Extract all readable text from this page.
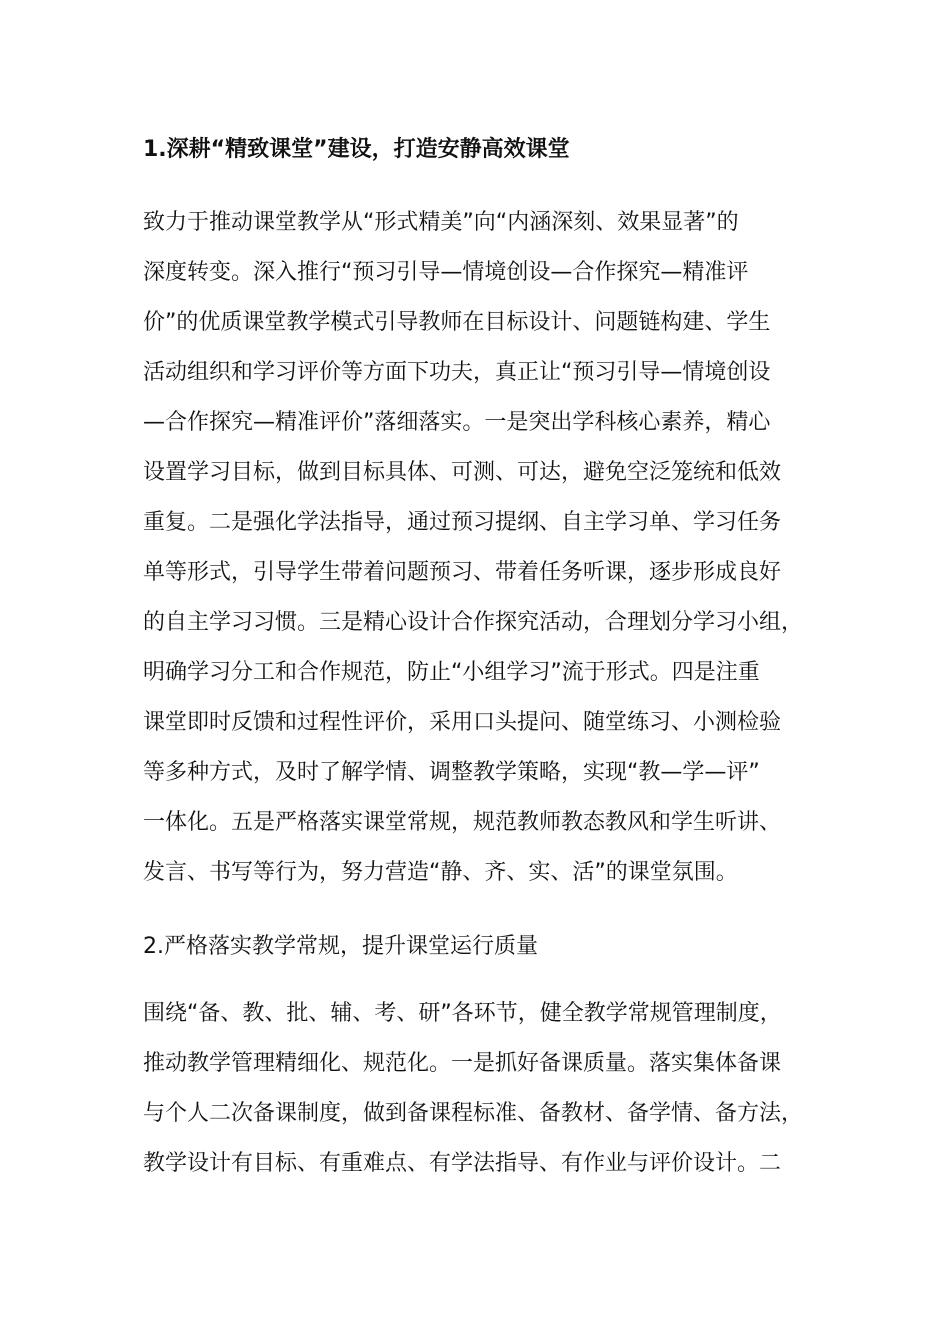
1.深耕“精致课堂”建设，打造安静高效课堂
致力于推动课堂教学从“形式精美”向“内涵深刻、效果显著”的
深度转变。深入推行“预习引导—情境创设—合作探究—精准评
价”的优质课堂教学模式引导教师在目标设计、问题链构建、学生
活动组织和学习评价等方面下功夫，真正让“预习引导—情境创设
—合作探究—精准评价”落细落实。一是突出学科核心素养，精心
设置学习目标，做到目标具体、可测、可达，避免空泛笼统和低效
重复。二是强化学法指导，通过预习提纲、自主学习单、学习任务
单等形式，引导学生带着问题预习、带着任务听课，逐步形成良好
的自主学习习惯。三是精心设计合作探究活动，合理划分学习小组，
明确学习分工和合作规范，防止“小组学习”流于形式。四是注重
课堂即时反馈和过程性评价，采用口头提问、随堂练习、小测检验
等多种方式，及时了解学情、调整教学策略，实现“教—学—评”
一体化。五是严格落实课堂常规，规范教师教态教风和学生听讲、
发言、书写等行为，努力营造“静、齐、实、活”的课堂氛围。
2.严格落实教学常规，提升课堂运行质量
围绕“备、教、批、辅、考、研”各环节，健全教学常规管理制度，
推动教学管理精细化、规范化。一是抓好备课质量。落实集体备课
与个人二次备课制度，做到备课程标准、备教材、备学情、备方法，
教学设计有目标、有重难点、有学法指导、有作业与评价设计。二
